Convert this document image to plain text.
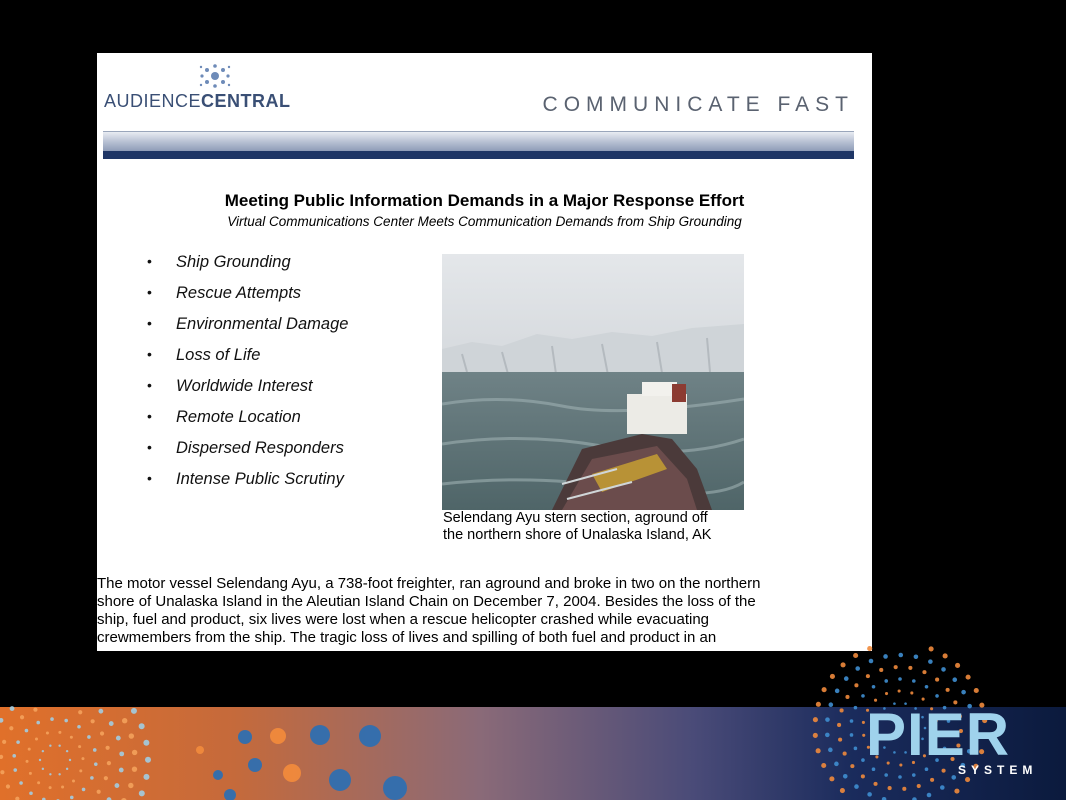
AUDIENCECENTRAL	COMMUNICATE FAST
Meeting Public Information Demands in a Major Response Effort
Virtual Communications Center Meets Communication Demands from Ship Grounding
• Ship Grounding
• Rescue Attempts
• Environmental Damage
• Loss of Life
• Worldwide Interest
• Remote Location
• Dispersed Responders
• Intense Public Scrutiny
Selendang Ayu stern section, aground off
the northern shore of Unalaska Island, AK
The motor vessel Selendang Ayu, a 738-foot freighter, ran aground and broke in two on the northern
shore of Unalaska Island in the Aleutian Island Chain on December 7, 2004. Besides the loss of the
ship, fuel and product, six lives were lost when a rescue helicopter crashed while evacuating
crewmembers from the ship. The tragic loss of lives and spilling of both fuel and product in an
PIER
SYSTEM
